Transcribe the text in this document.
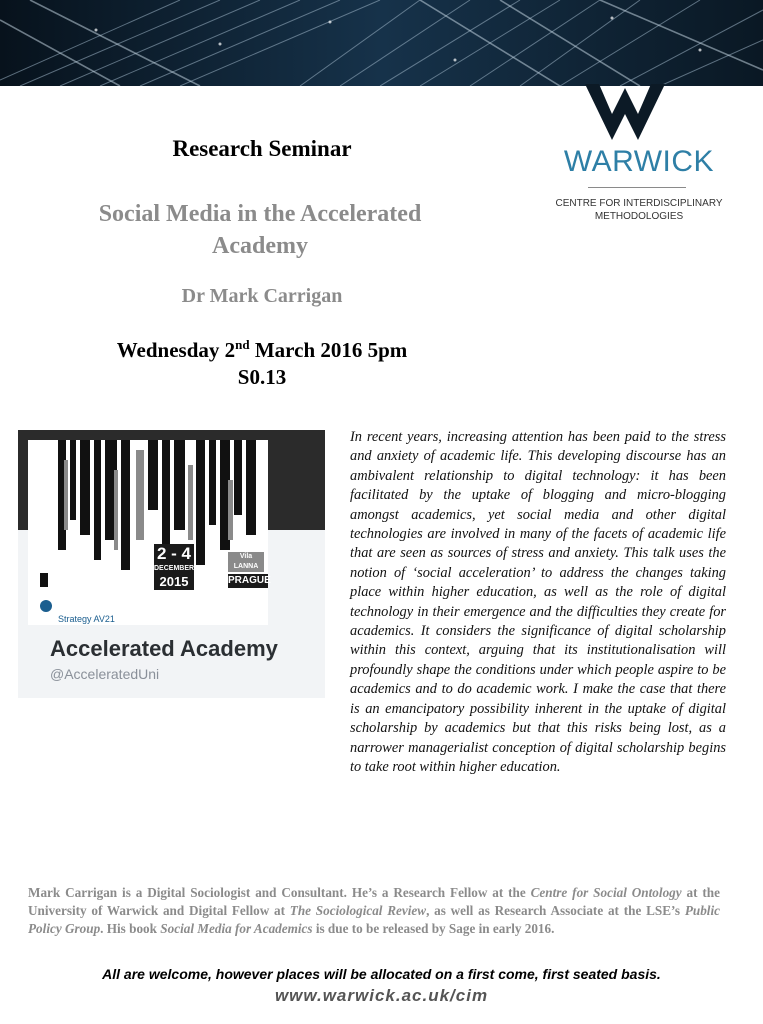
WARWICK
CENTRE FOR INTERDISCIPLINARY METHODOLOGIES
Research Seminar
Social Media in the Accelerated Academy
Dr Mark Carrigan
Wednesday 2nd March 2016 5pm
S0.13
Strategy AV21
2 - 4
DECEMBER
2015
Vila LANNA
PRAGUE
Accelerated Academy
@AcceleratedUni
In recent years, increasing attention has been paid to the stress and anxiety of academic life. This developing discourse has an ambivalent relationship to digital technology: it has been facilitated by the uptake of blogging and micro-blogging amongst academics, yet social media and other digital technologies are involved in many of the facets of academic life that are seen as sources of stress and anxiety. This talk uses the notion of ‘social acceleration’ to address the changes taking place within higher education, as well as the role of digital technology in their emergence and the difficulties they create for academics. It considers the significance of digital scholarship within this context, arguing that its institutionalisation will profoundly shape the conditions under which people aspire to be academics and to do academic work. I make the case that there is an emancipatory possibility inherent in the uptake of digital scholarship by academics but that this risks being lost, as a narrower managerialist conception of digital scholarship begins to take root within higher education.
Mark Carrigan is a Digital Sociologist and Consultant. He’s a Research Fellow at the Centre for Social Ontology at the University of Warwick and Digital Fellow at The Sociological Review, as well as Research Associate at the LSE’s Public Policy Group. His book Social Media for Academics is due to be released by Sage in early 2016.
All are welcome, however places will be allocated on a first come, first seated basis.
www.warwick.ac.uk/cim
